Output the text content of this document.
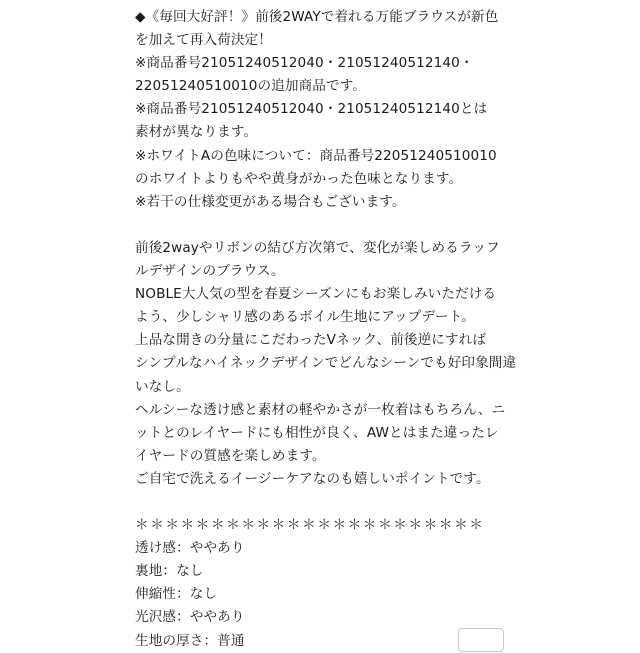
◆《毎回大好評！》前後2WAYで着れる万能ブラウスが新色
を加えて再入荷決定！
※商品番号21051240512040・21051240512140・
22051240510010の追加商品です。
※商品番号21051240512040・21051240512140とは
素材が異なります。
※ホワイトAの色味について：商品番号22051240510010
のホワイトよりもやや黄身がかった色味となります。
※若干の仕様変更がある場合もございます。
前後2wayやリボンの結び方次第で、変化が楽しめるラッフ
ルデザインのブラウス。
NOBLE大人気の型を春夏シーズンにもお楽しみいただける
よう、少しシャリ感のあるボイル生地にアップデート。
上品な開きの分量にこだわったVネック、前後逆にすれば
シンプルなハイネックデザインでどんなシーンでも好印象間違
いなし。
ヘルシーな透け感と素材の軽やかさが一枚着はもちろん、ニ
ットとのレイヤードにも相性が良く、AWとはまた違ったレ
イヤードの質感を楽しめます。
ご自宅で洗えるイージーケアなのも嬉しいポイントです。
＊＊＊＊＊＊＊＊＊＊＊＊＊＊＊＊＊＊＊＊＊＊＊
透け感：ややあり
裏地：なし
伸縮性：なし
光沢感：ややあり
生地の厚さ：普通
